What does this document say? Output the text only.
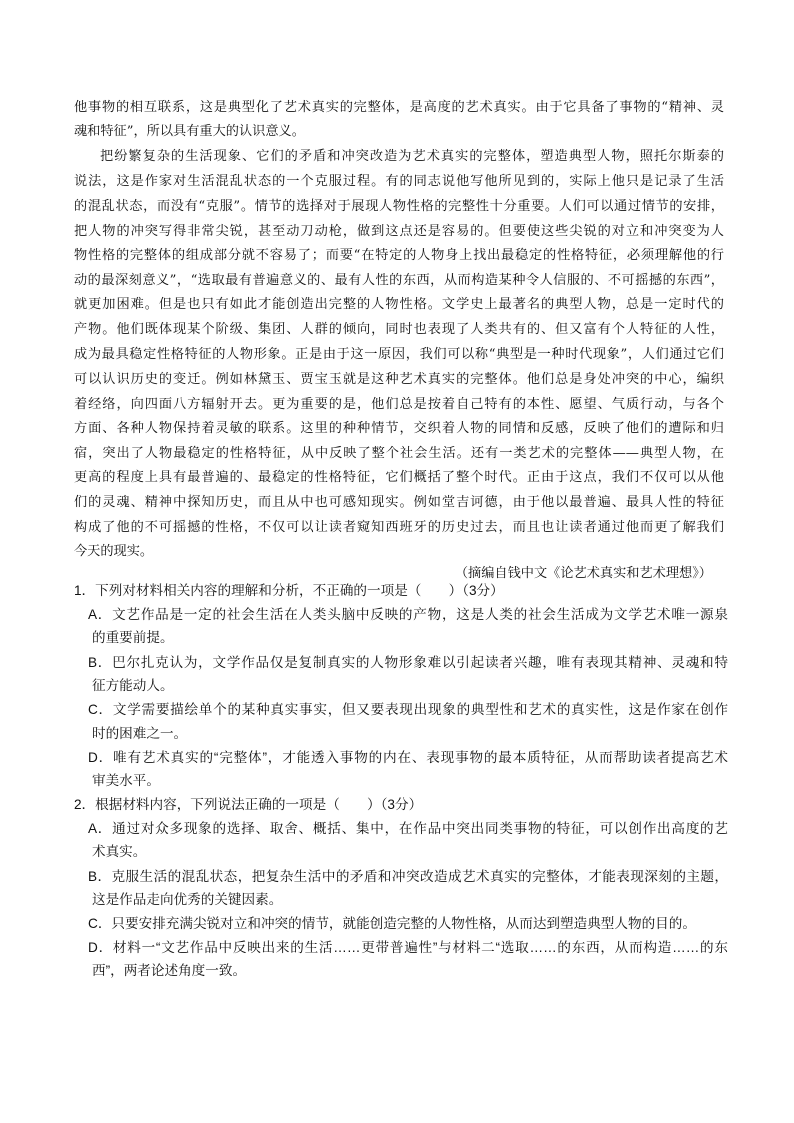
他事物的相互联系，这是典型化了艺术真实的完整体，是高度的艺术真实。由于它具备了事物的“精神、灵
魂和特征”，所以具有重大的认识意义。
把纷繁复杂的生活现象、它们的矛盾和冲突改造为艺术真实的完整体，塑造典型人物，照托尔斯泰的
说法，这是作家对生活混乱状态的一个克服过程。有的同志说他写他所见到的，实际上他只是记录了生活
的混乱状态，而没有“克服”。情节的选择对于展现人物性格的完整性十分重要。人们可以通过情节的安排，
把人物的冲突写得非常尖锐，甚至动刀动枪，做到这点还是容易的。但要使这些尖锐的对立和冲突变为人
物性格的完整体的组成部分就不容易了；而要“在特定的人物身上找出最稳定的性格特征，必须理解他的行
动的最深刻意义”，“选取最有普遍意义的、最有人性的东西，从而构造某种令人信服的、不可摇撼的东西”，
就更加困难。但是也只有如此才能创造出完整的人物性格。文学史上最著名的典型人物，总是一定时代的
产物。他们既体现某个阶级、集团、人群的倾向，同时也表现了人类共有的、但又富有个人特征的人性，
成为最具稳定性格特征的人物形象。正是由于这一原因，我们可以称“典型是一种时代现象”，人们通过它们
可以认识历史的变迁。例如林黛玉、贾宝玉就是这种艺术真实的完整体。他们总是身处冲突的中心，编织
着经络，向四面八方辐射开去。更为重要的是，他们总是按着自己特有的本性、愿望、气质行动，与各个
方面、各种人物保持着灵敏的联系。这里的种种情节，交织着人物的同情和反感，反映了他们的遭际和归
宿，突出了人物最稳定的性格特征，从中反映了整个社会生活。还有一类艺术的完整体——典型人物，在
更高的程度上具有最普遍的、最稳定的性格特征，它们概括了整个时代。正由于这点，我们不仅可以从他
们的灵魂、精神中探知历史，而且从中也可感知现实。例如堂吉诃德，由于他以最普遍、最具人性的特征
构成了他的不可摇撼的性格，不仅可以让读者窥知西班牙的历史过去，而且也让读者通过他而更了解我们
今天的现实。
（摘编自钱中文《论艺术真实和艺术理想》）
1．下列对材料相关内容的理解和分析，不正确的一项是（　　）（3分）
A．文艺作品是一定的社会生活在人类头脑中反映的产物，这是人类的社会生活成为文学艺术唯一源泉
的重要前提。
B．巴尔扎克认为，文学作品仅是复制真实的人物形象难以引起读者兴趣，唯有表现其精神、灵魂和特
征方能动人。
C．文学需要描绘单个的某种真实事实，但又要表现出现象的典型性和艺术的真实性，这是作家在创作
时的困难之一。
D．唯有艺术真实的“完整体”，才能透入事物的内在、表现事物的最本质特征，从而帮助读者提高艺术
审美水平。
2．根据材料内容，下列说法正确的一项是（　　）（3分）
A．通过对众多现象的选择、取舍、概括、集中，在作品中突出同类事物的特征，可以创作出高度的艺
术真实。
B．克服生活的混乱状态，把复杂生活中的矛盾和冲突改造成艺术真实的完整体，才能表现深刻的主题，
这是作品走向优秀的关键因素。
C．只要安排充满尖锐对立和冲突的情节，就能创造完整的人物性格，从而达到塑造典型人物的目的。
D．材料一“文艺作品中反映出来的生活……更带普遍性”与材料二“选取……的东西，从而构造……的东
西”，两者论述角度一致。
